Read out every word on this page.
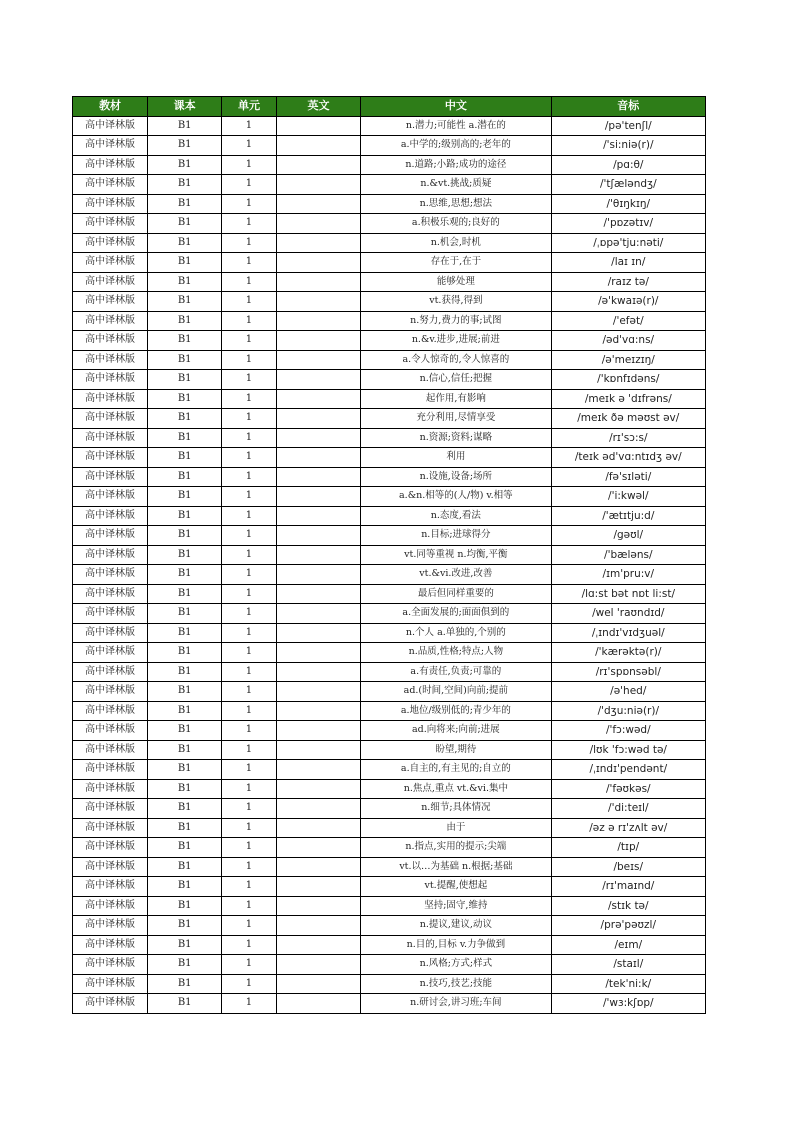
教材	课本	单元	英文	中文	音标
高中译林版	B1	1		n.潜力;可能性 a.潜在的	/pə'tenʃl/
高中译林版	B1	1		a.中学的;级别高的;老年的	/'si:niə(r)/
高中译林版	B1	1		n.道路;小路;成功的途径	/pɑ:θ/
高中译林版	B1	1		n.&vt.挑战;质疑	/'tʃæləndʒ/
高中译林版	B1	1		n.思维,思想;想法	/'θɪŋkɪŋ/
高中译林版	B1	1		a.积极乐观的;良好的	/'pɒzətɪv/
高中译林版	B1	1		n.机会,时机	/ˌɒpə'tju:nəti/
高中译林版	B1	1		存在于,在于	/laɪ ɪn/
高中译林版	B1	1		能够处理	/raɪz tə/
高中译林版	B1	1		vt.获得,得到	/ə'kwaɪə(r)/
高中译林版	B1	1		n.努力,费力的事;试图	/'efət/
高中译林版	B1	1		n.&v.进步,进展;前进	/əd'vɑ:ns/
高中译林版	B1	1		a.令人惊奇的,令人惊喜的	/ə'meɪzɪŋ/
高中译林版	B1	1		n.信心,信任;把握	/'kɒnfɪdəns/
高中译林版	B1	1		起作用,有影响	/meɪk ə 'dɪfrəns/
高中译林版	B1	1		充分利用,尽情享受	/meɪk ðə məʊst əv/
高中译林版	B1	1		n.资源;资料;谋略	/rɪ'sɔ:s/
高中译林版	B1	1		利用	/teɪk əd'vɑ:ntɪdʒ əv/
高中译林版	B1	1		n.设施,设备;场所	/fə'sɪləti/
高中译林版	B1	1		a.&n.相等的(人/物) v.相等	/'i:kwəl/
高中译林版	B1	1		n.态度,看法	/'ætɪtju:d/
高中译林版	B1	1		n.目标;进球得分	/gəʊl/
高中译林版	B1	1		vt.同等重视 n.均衡,平衡	/'bæləns/
高中译林版	B1	1		vt.&vi.改进,改善	/ɪm'pru:v/
高中译林版	B1	1		最后但同样重要的	/lɑ:st bət nɒt li:st/
高中译林版	B1	1		a.全面发展的;面面俱到的	/wel 'raʊndɪd/
高中译林版	B1	1		n.个人 a.单独的,个别的	/ˌɪndɪ'vɪdʒuəl/
高中译林版	B1	1		n.品质,性格;特点;人物	/'kærəktə(r)/
高中译林版	B1	1		a.有责任,负责;可靠的	/rɪ'spɒnsəbl/
高中译林版	B1	1		ad.(时间,空间)向前;提前	/ə'hed/
高中译林版	B1	1		a.地位/级别低的;青少年的	/'dʒu:niə(r)/
高中译林版	B1	1		ad.向将来;向前;进展	/'fɔ:wəd/
高中译林版	B1	1		盼望,期待	/lʊk 'fɔ:wəd tə/
高中译林版	B1	1		a.自主的,有主见的;自立的	/ˌɪndɪ'pendənt/
高中译林版	B1	1		n.焦点,重点 vt.&vi.集中	/'fəʊkəs/
高中译林版	B1	1		n.细节;具体情况	/'di:teɪl/
高中译林版	B1	1		由于	/əz ə rɪ'zʌlt əv/
高中译林版	B1	1		n.指点,实用的提示;尖端	/tɪp/
高中译林版	B1	1		vt.以…为基础 n.根据;基础	/beɪs/
高中译林版	B1	1		vt.提醒,使想起	/rɪ'maɪnd/
高中译林版	B1	1		坚持;固守,维持	/stɪk tə/
高中译林版	B1	1		n.提议,建议,动议	/prə'pəʊzl/
高中译林版	B1	1		n.目的,目标 v.力争做到	/eɪm/
高中译林版	B1	1		n.风格;方式;样式	/staɪl/
高中译林版	B1	1		n.技巧,技艺;技能	/tek'ni:k/
高中译林版	B1	1		n.研讨会,讲习班;车间	/'wɜ:kʃɒp/
